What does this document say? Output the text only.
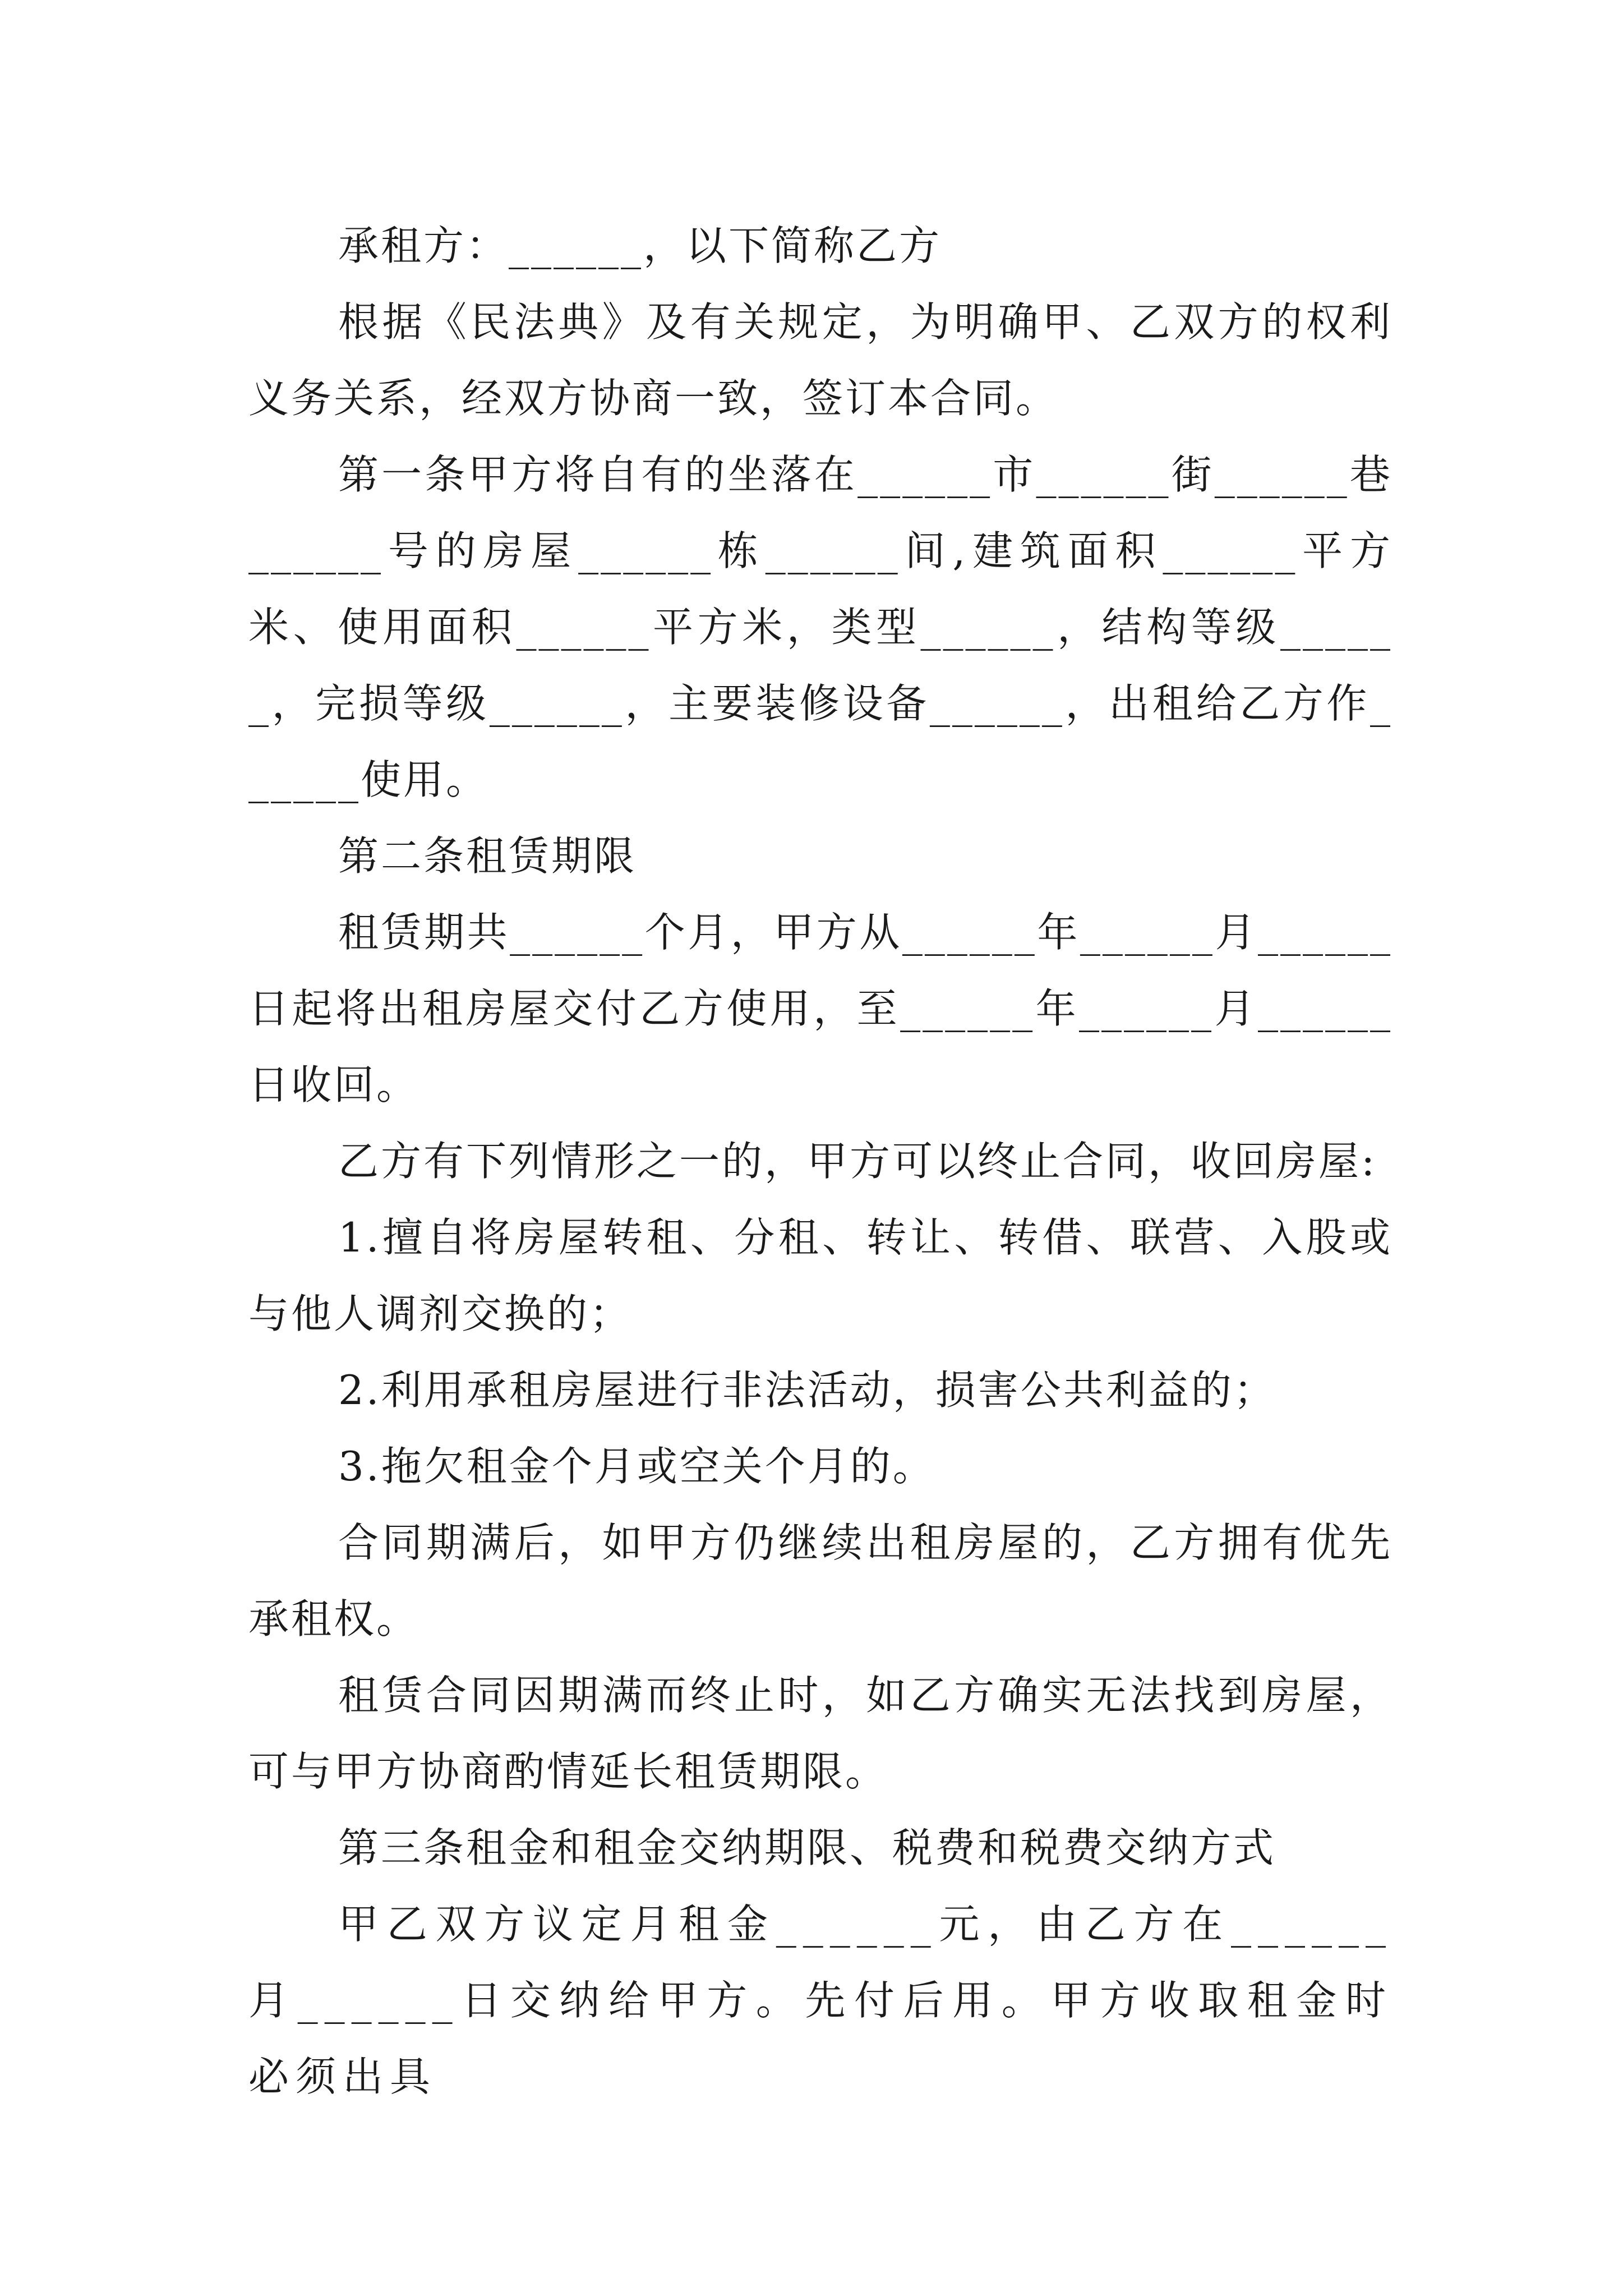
承租方：______，以下简称乙方

根据《民法典》及有关规定，为明确甲、乙双方的权利义务关系，经双方协商一致，签订本合同。

第一条甲方将自有的坐落在______市______街______巷______号的房屋______栋______间,建筑面积______平方米、使用面积______平方米，类型______，结构等级______，完损等级______，主要装修设备______，出租给乙方作______使用。

第二条租赁期限

租赁期共______个月，甲方从______年______月______日起将出租房屋交付乙方使用，至______年______月______日收回。

乙方有下列情形之一的，甲方可以终止合同，收回房屋:

1.擅自将房屋转租、分租、转让、转借、联营、入股或与他人调剂交换的；

2.利用承租房屋进行非法活动，损害公共利益的；

3.拖欠租金个月或空关个月的。

合同期满后，如甲方仍继续出租房屋的，乙方拥有优先承租权。

租赁合同因期满而终止时，如乙方确实无法找到房屋，可与甲方协商酌情延长租赁期限。

第三条租金和租金交纳期限、税费和税费交纳方式

甲乙双方议定月租金______元，由乙方在______月______日交纳给甲方。先付后用。甲方收取租金时必须出具
